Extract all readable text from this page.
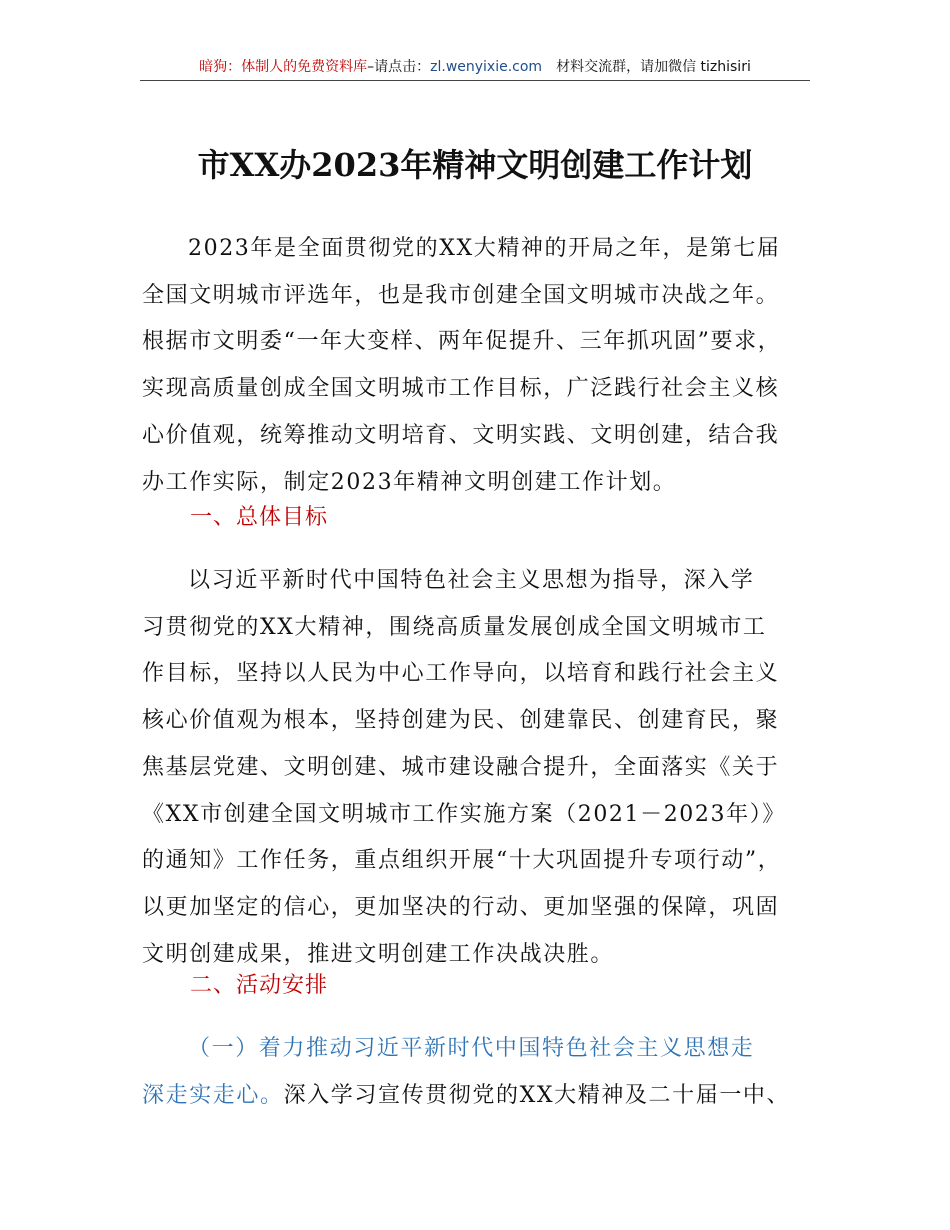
暗狗：体制人的免费资料库–请点击：zl.wenyixie.com 材料交流群，请加微信 tizhisiri
市XX办2023年精神文明创建工作计划

2023年是全面贯彻党的XX大精神的开局之年，是第七届
全国文明城市评选年，也是我市创建全国文明城市决战之年。
根据市文明委“一年大变样、两年促提升、三年抓巩固”要求，
实现高质量创成全国文明城市工作目标，广泛践行社会主义核
心价值观，统筹推动文明培育、文明实践、文明创建，结合我
办工作实际，制定2023年精神文明创建工作计划。

一、总体目标

以习近平新时代中国特色社会主义思想为指导，深入学
习贯彻党的XX大精神，围绕高质量发展创成全国文明城市工
作目标，坚持以人民为中心工作导向，以培育和践行社会主义
核心价值观为根本，坚持创建为民、创建靠民、创建育民，聚
焦基层党建、文明创建、城市建设融合提升，全面落实《关于
《XX市创建全国文明城市工作实施方案（2021－2023年）》
的通知》工作任务，重点组织开展“十大巩固提升专项行动”，
以更加坚定的信心，更加坚决的行动、更加坚强的保障，巩固
文明创建成果，推进文明创建工作决战决胜。

二、活动安排

（一）着力推动习近平新时代中国特色社会主义思想走
深走实走心。深入学习宣传贯彻党的XX大精神及二十届一中、
